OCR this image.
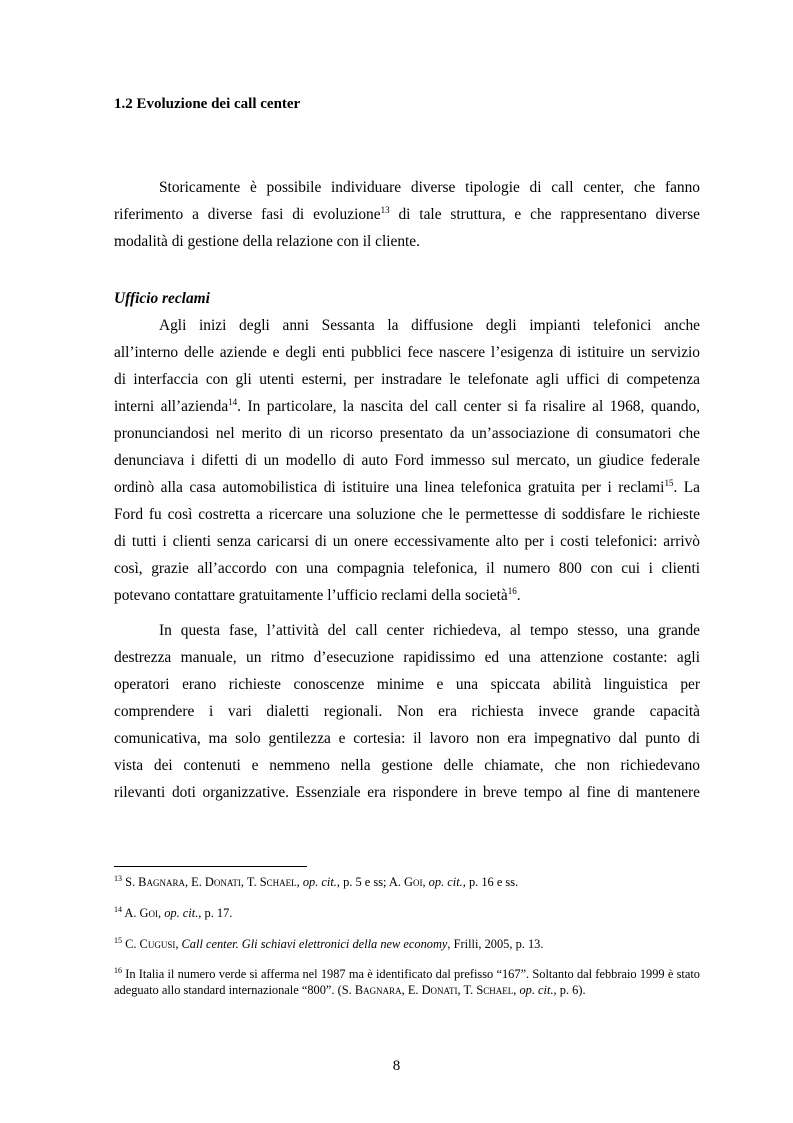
1.2 Evoluzione dei call center

Storicamente è possibile individuare diverse tipologie di call center, che fanno
riferimento a diverse fasi di evoluzione$^{13}$ di tale struttura, e che rappresentano diverse
modalità di gestione della relazione con il cliente.

Ufficio reclami

Agli inizi degli anni Sessanta la diffusione degli impianti telefonici anche
all’interno delle aziende e degli enti pubblici fece nascere l’esigenza di istituire un servizio
di interfaccia con gli utenti esterni, per instradare le telefonate agli uffici di competenza
interni all’azienda$^{14}$. In particolare, la nascita del call center si fa risalire al 1968, quando,
pronunciandosi nel merito di un ricorso presentato da un’associazione di consumatori che
denunciava i difetti di un modello di auto Ford immesso sul mercato, un giudice federale
ordinò alla casa automobilistica di istituire una linea telefonica gratuita per i reclami$^{15}$. La
Ford fu così costretta a ricercare una soluzione che le permettesse di soddisfare le richieste
di tutti i clienti senza caricarsi di un onere eccessivamente alto per i costi telefonici: arrivò
così, grazie all’accordo con una compagnia telefonica, il numero 800 con cui i clienti
potevano contattare gratuitamente l’ufficio reclami della società$^{16}$.

In questa fase, l’attività del call center richiedeva, al tempo stesso, una grande
destrezza manuale, un ritmo d’esecuzione rapidissimo ed una attenzione costante: agli
operatori erano richieste conoscenze minime e una spiccata abilità linguistica per
comprendere i vari dialetti regionali. Non era richiesta invece grande capacità
comunicativa, ma solo gentilezza e cortesia: il lavoro non era impegnativo dal punto di
vista dei contenuti e nemmeno nella gestione delle chiamate, che non richiedevano
rilevanti doti organizzative. Essenziale era rispondere in breve tempo al fine di mantenere

$^{13}$ S. Bagnara, E. Donati, T. Schael, op. cit., p. 5 e ss; A. Goi, op. cit., p. 16 e ss.

$^{14}$ A. Goi, op. cit., p. 17.

$^{15}$ C. Cugusi, Call center. Gli schiavi elettronici della new economy, Frilli, 2005, p. 13.

$^{16}$ In Italia il numero verde si afferma nel 1987 ma è identificato dal prefisso “167”. Soltanto dal febbraio 1999 è stato adeguato allo standard internazionale “800”. (S. Bagnara, E. Donati, T. Schael, op. cit., p. 6).

8
